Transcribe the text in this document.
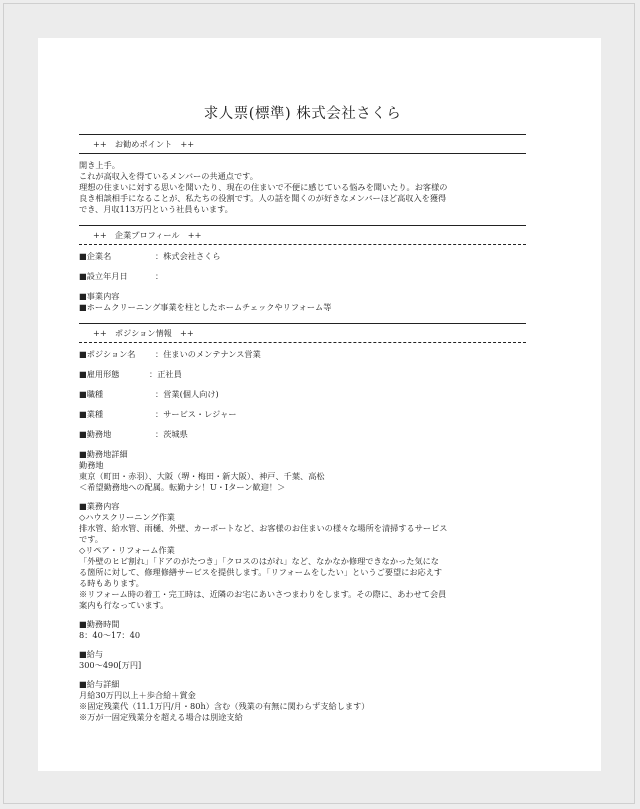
求人票(標準) 株式会社さくら
++　お勧めポイント　++

開き上手。

これが高収入を得ているメンバーの共通点です。

理想の住まいに対する思いを聞いたり、現在の住まいで不便に感じている悩みを聞いたり。お客様の

良き相談相手になることが、私たちの役割です。人の話を聞くのが好きなメンバーほど高収入を獲得

でき、月収113万円という社員もいます。

++　企業プロフィール　++
■企業名	：株式会社さくら
■設立年月日	：

■事業内容

■ホームクリーニング事業を柱としたホームチェックやリフォーム等

++　ポジション情報　++
■ポジション名	：住まいのメンテナンス営業
■雇用形態	：正社員
■職種	：営業(個人向け)
■業種	：サービス・レジャー
■勤務地	：茨城県

■勤務地詳細

勤務地

東京（町田・赤羽）、大阪（堺・梅田・新大阪）、神戸、千葉、高松

＜希望勤務地への配属。転勤ナシ！U・Iターン歓迎！＞

■業務内容

◇ハウスクリーニング作業

排水管、給水管、雨樋、外壁、カーポートなど、お客様のお住まいの様々な場所を清掃するサービス

です。

◇リペア・リフォーム作業

「外壁のヒビ割れ」「ドアのがたつき」「クロスのはがれ」など、なかなか修理できなかった気にな

る箇所に対して、修理修繕サービスを提供します。「リフォームをしたい」というご要望にお応えす

る時もあります。

※リフォーム時の着工・完工時は、近隣のお宅にあいさつまわりをします。その際に、あわせて会員

案内も行なっています。

■勤務時間

8：40〜17：40

■給与

300〜490[万円]

■給与詳細

月給30万円以上＋歩合給＋賞金

※固定残業代（11.1万円/月・80h）含む（残業の有無に関わらず支給します）

※万が一固定残業分を超える場合は別途支給
